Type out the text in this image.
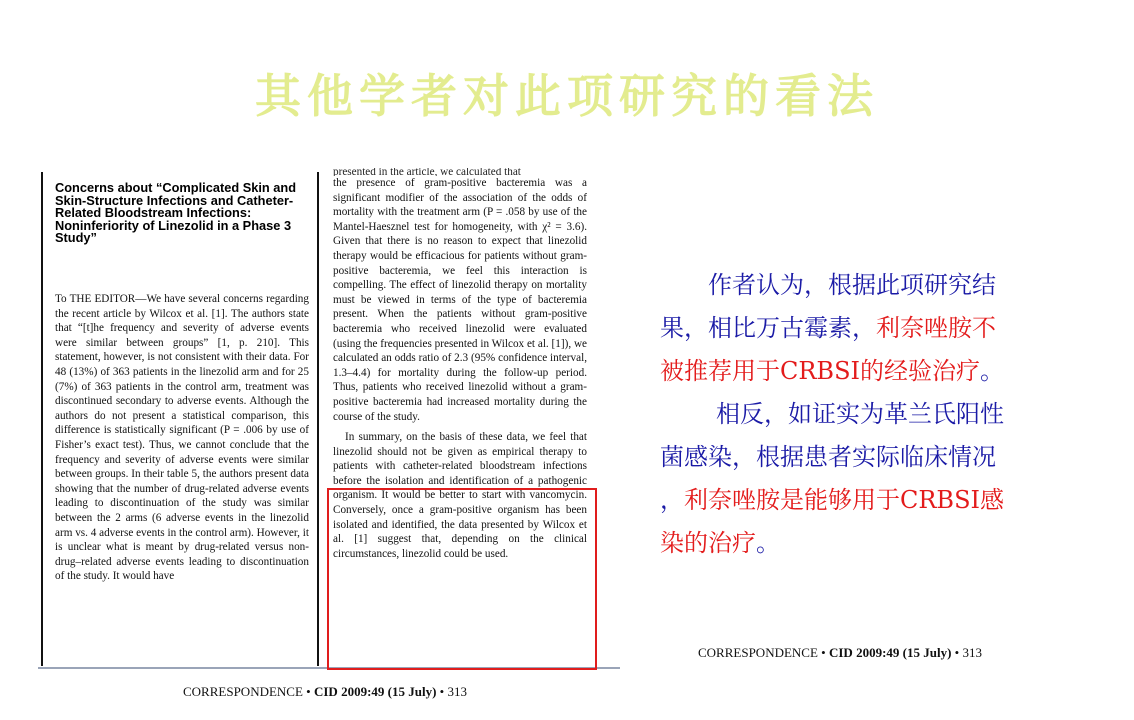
其他学者对此项研究的看法
Concerns about “Complicated Skin and Skin-Structure Infections and Catheter-Related Bloodstream Infections: Noninferiority of Linezolid in a Phase 3 Study”

To THE EDITOR—We have several concerns regarding the recent article by Wilcox et al. [1]. The authors state that “[t]he frequency and severity of adverse events were similar between groups” [1, p. 210]. This statement, however, is not consistent with their data. For 48 (13%) of 363 patients in the linezolid arm and for 25 (7%) of 363 patients in the control arm, treatment was discontinued secondary to adverse events. Although the authors do not present a statistical comparison, this difference is statistically significant (P = .006 by use of Fisher’s exact test). Thus, we cannot conclude that the frequency and severity of adverse events were similar between groups. In their table 5, the authors present data showing that the number of drug-related adverse events leading to discontinuation of the study was similar between the 2 arms (6 adverse events in the linezolid arm vs. 4 adverse events in the control arm). However, it is unclear what is meant by drug-related versus non-drug–related adverse events leading to discontinuation of the study. It would have

presented in the article, we calculated that

the presence of gram-positive bacteremia was a significant modifier of the association of the odds of mortality with the treatment arm (P = .058 by use of the Mantel-Haesznel test for homogeneity, with χ² = 3.6). Given that there is no reason to expect that linezolid therapy would be efficacious for patients without gram-positive bacteremia, we feel this interaction is compelling. The effect of linezolid therapy on mortality must be viewed in terms of the type of bacteremia present. When the patients without gram-positive bacteremia who received linezolid were evaluated (using the frequencies presented in Wilcox et al. [1]), we calculated an odds ratio of 2.3 (95% confidence interval, 1.3–4.4) for mortality during the follow-up period. Thus, patients who received linezolid without a gram-positive bacteremia had increased mortality during the course of the study.

In summary, on the basis of these data, we feel that linezolid should not be given as empirical therapy to patients with catheter-related bloodstream infections before the isolation and identification of a pathogenic organism. It would be better to start with vancomycin. Conversely, once a gram-positive organism has been isolated and identified, the data presented by Wilcox et al. [1] suggest that, depending on the clinical circumstances, linezolid could be used.

CORRESPONDENCE • CID 2009:49 (15 July) • 313
CORRESPONDENCE • CID 2009:49 (15 July) • 313
作者认为，根据此项研究结
果，相比万古霉素，利奈唑胺不
被推荐用于CRBSI的经验治疗。
相反，如证实为革兰氏阳性
菌感染，根据患者实际临床情况
，利奈唑胺是能够用于CRBSI感
染的治疗。
